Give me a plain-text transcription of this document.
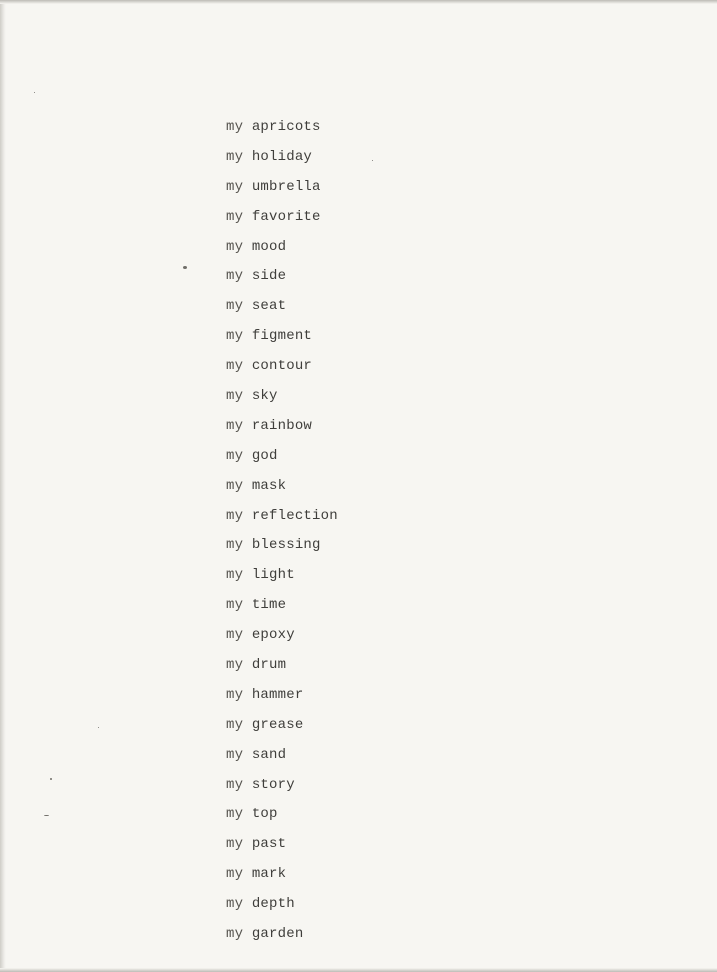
my apricots
my holiday
my umbrella
my favorite
my mood
my side
my seat
my figment
my contour
my sky
my rainbow
my god
my mask
my reflection
my blessing
my light
my time
my epoxy
my drum
my hammer
my grease
my sand
my story
my top
my past
my mark
my depth
my garden
